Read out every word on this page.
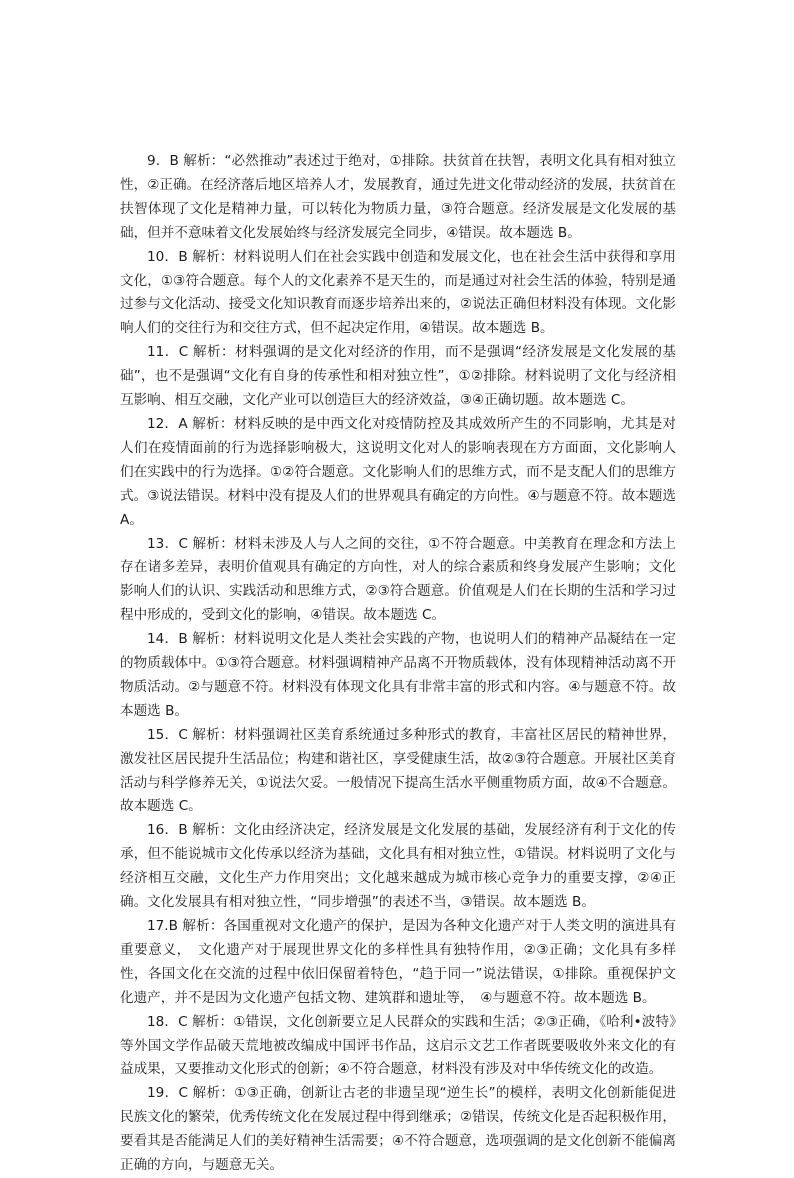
9．B 解析：“必然推动”表述过于绝对，①排除。扶贫首在扶智，表明文化具有相对独立性，②正确。在经济落后地区培养人才，发展教育，通过先进文化带动经济的发展，扶贫首在扶智体现了文化是精神力量，可以转化为物质力量，③符合题意。经济发展是文化发展的基础，但并不意味着文化发展始终与经济发展完全同步，④错误。故本题选 B。

10．B 解析：材料说明人们在社会实践中创造和发展文化，也在社会生活中获得和享用文化，①③符合题意。每个人的文化素养不是天生的，而是通过对社会生活的体验，特别是通过参与文化活动、接受文化知识教育而逐步培养出来的，②说法正确但材料没有体现。文化影响人们的交往行为和交往方式，但不起决定作用，④错误。故本题选 B。

11．C 解析：材料强调的是文化对经济的作用，而不是强调“经济发展是文化发展的基础”，也不是强调“文化有自身的传承性和相对独立性”，①②排除。材料说明了文化与经济相互影响、相互交融，文化产业可以创造巨大的经济效益，③④正确切题。故本题选 C。

12．A 解析：材料反映的是中西文化对疫情防控及其成效所产生的不同影响，尤其是对人们在疫情面前的行为选择影响极大，这说明文化对人的影响表现在方方面面，文化影响人们在实践中的行为选择。①②符合题意。文化影响人们的思维方式，而不是支配人们的思维方式。③说法错误。材料中没有提及人们的世界观具有确定的方向性。④与题意不符。故本题选 A。

13．C 解析：材料未涉及人与人之间的交往，①不符合题意。中美教育在理念和方法上存在诸多差异，表明价值观具有确定的方向性，对人的综合素质和终身发展产生影响；文化影响人们的认识、实践活动和思维方式，②③符合题意。价值观是人们在长期的生活和学习过程中形成的，受到文化的影响，④错误。故本题选 C。

14．B 解析：材料说明文化是人类社会实践的产物，也说明人们的精神产品凝结在一定的物质载体中。①③符合题意。材料强调精神产品离不开物质载体，没有体现精神活动离不开物质活动。②与题意不符。材料没有体现文化具有非常丰富的形式和内容。④与题意不符。故本题选 B。

15．C 解析：材料强调社区美育系统通过多种形式的教育，丰富社区居民的精神世界，激发社区居民提升生活品位；构建和谐社区，享受健康生活，故②③符合题意。开展社区美育活动与科学修养无关，①说法欠妥。一般情况下提高生活水平侧重物质方面，故④不合题意。故本题选 C。

16．B 解析：文化由经济决定，经济发展是文化发展的基础，发展经济有利于文化的传承，但不能说城市文化传承以经济为基础，文化具有相对独立性，①错误。材料说明了文化与经济相互交融，文化生产力作用突出；文化越来越成为城市核心竞争力的重要支撑，②④正确。文化发展具有相对独立性，“同步增强”的表述不当，③错误。故本题选 B。

17.B 解析：各国重视对文化遗产的保护，是因为各种文化遗产对于人类文明的演进具有重要意义，　文化遗产对于展现世界文化的多样性具有独特作用，②③正确；文化具有多样性，各国文化在交流的过程中依旧保留着特色，“趋于同一”说法错误，①排除。重视保护文化遗产，并不是因为文化遗产包括文物、建筑群和遗址等，　④与题意不符。故本题选 B。

18．C 解析：①错误，文化创新要立足人民群众的实践和生活；②③正确，《哈利•波特》等外国文学作品破天荒地被改编成中国评书作品，这启示文艺工作者既要吸收外来文化的有益成果，又要推动文化形式的创新；④不符合题意，材料没有涉及对中华传统文化的改造。

19．C 解析：①③正确，创新让古老的非遗呈现“逆生长”的模样，表明文化创新能促进民族文化的繁荣，优秀传统文化在发展过程中得到继承；②错误，传统文化是否起积极作用，要看其是否能满足人们的美好精神生活需要；④不符合题意，选项强调的是文化创新不能偏离正确的方向，与题意无关。
